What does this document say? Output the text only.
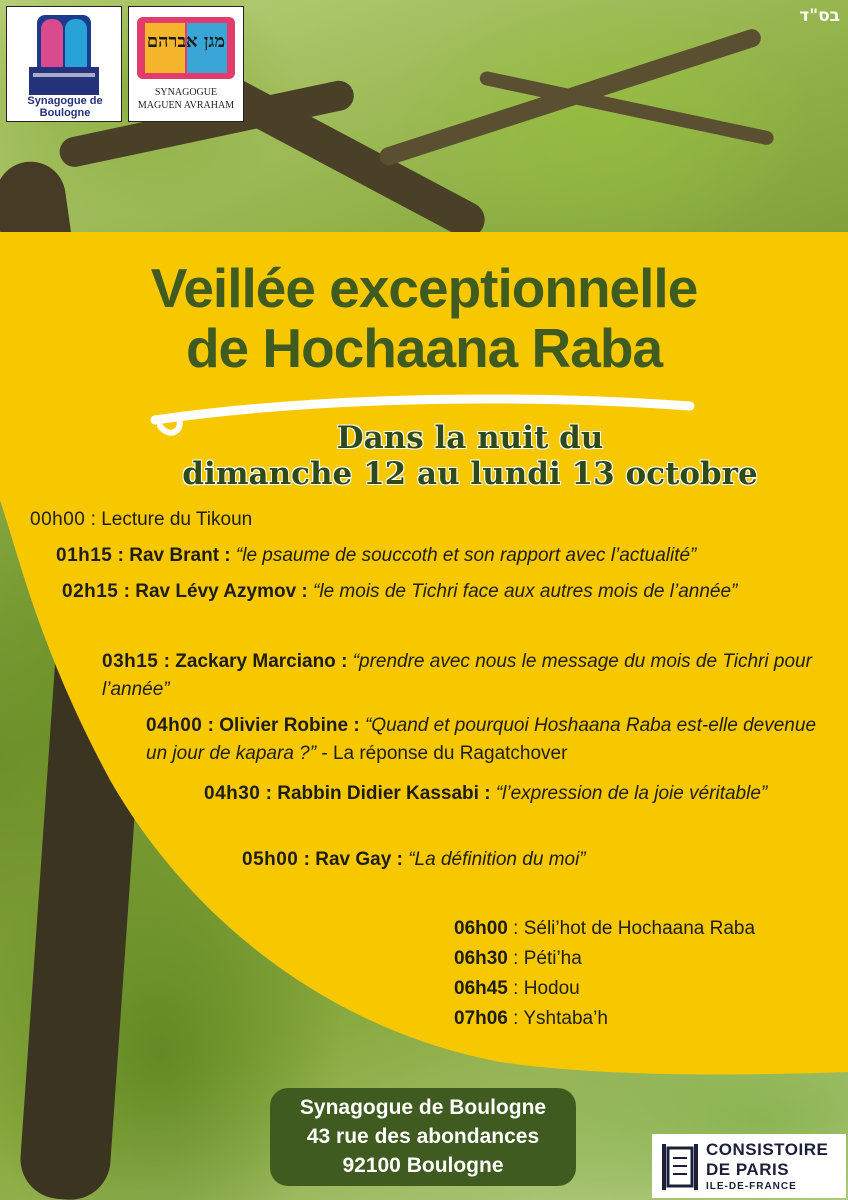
Synagogue de Boulogne
מגן אברהם
SYNAGOGUE
MAGUEN AVRAHAM
בס"ד
Veillée exceptionnelle
de Hochaana Raba
Dans la nuit du
dimanche 12 au lundi 13 octobre
00h00 : Lecture du Tikoun
01h15 : Rav Brant : “le psaume de souccoth et son rapport avec l’actualité”
02h15 : Rav Lévy Azymov : “le mois de Tichri face aux autres mois de l’année”
03h15 : Zackary Marciano : “prendre avec nous le message du mois de Tichri pour l’année”
04h00 : Olivier Robine : “Quand et pourquoi Hoshaana Raba est-elle devenue un jour de kapara ?” - La réponse du Ragatchover
04h30 : Rabbin Didier Kassabi : “l’expression de la joie véritable”
05h00 : Rav Gay : “La définition du moi”
06h00 : Séli’hot de Hochaana Raba
06h30 : Péti’ha
06h45 : Hodou
07h06 : Yshtaba’h
Synagogue de Boulogne
43 rue des abondances
92100 Boulogne
CONSISTOIRE
DE PARIS
ILE-DE-FRANCE
